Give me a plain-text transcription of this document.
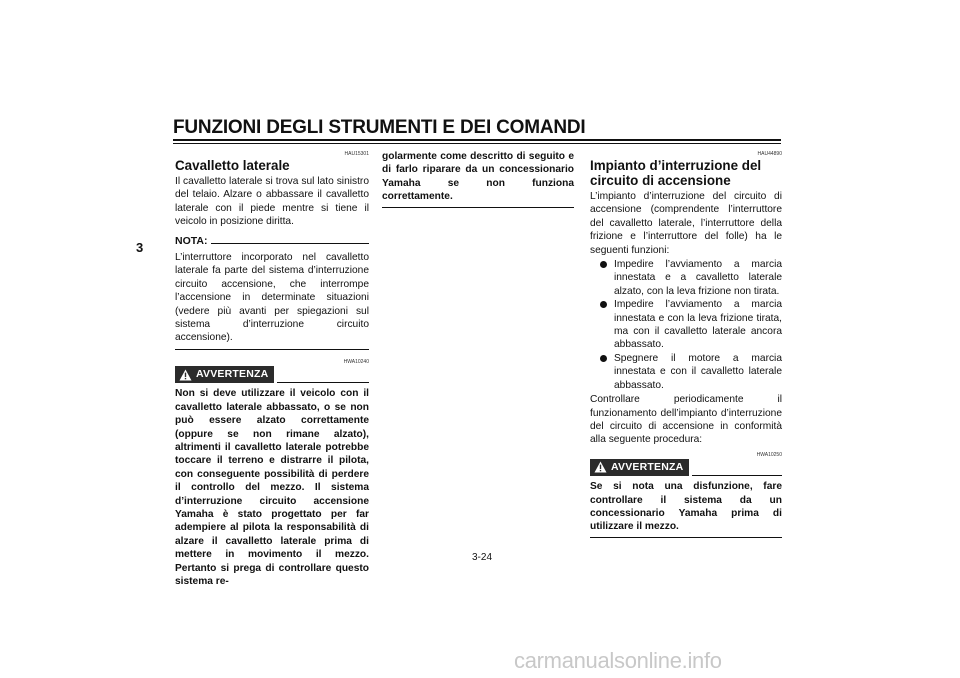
FUNZIONI DEGLI STRUMENTI E DEI COMANDI
3
HAU15301
Cavalletto laterale

Il cavalletto laterale si trova sul lato sinistro del telaio. Alzare o abbassare il cavalletto laterale con il piede mentre si tiene il veicolo in posizione diritta.

NOTA:

L’interruttore incorporato nel cavalletto laterale fa parte del sistema d’interruzione circuito accensione, che interrompe l’accensione in determinate situazioni (vedere più avanti per spiegazioni sul sistema d’interruzione circuito accensione).

HWA10240
AVVERTENZA

Non si deve utilizzare il veicolo con il cavalletto laterale abbassato, o se non può essere alzato correttamente (oppure se non rimane alzato), altrimenti il cavalletto laterale potrebbe toccare il terreno e distrarre il pilota, con conseguente possibilità di perdere il controllo del mezzo. Il sistema d’interruzione circuito accensione Yamaha è stato progettato per far adempiere al pilota la responsabilità di alzare il cavalletto laterale prima di mettere in movimento il mezzo. Pertanto si prega di controllare questo sistema re-

golarmente come descritto di seguito e di farlo riparare da un concessionario Yamaha se non funziona correttamente.

HAU44890
Impianto d’interruzione del circuito di accensione

L’impianto d’interruzione del circuito di accensione (comprendente l’interruttore del cavalletto laterale, l’interruttore della frizione e l’interruttore del folle) ha le seguenti funzioni:

Impedire l’avviamento a marcia innestata e a cavalletto laterale alzato, con la leva frizione non tirata.
Impedire l’avviamento a marcia innestata e con la leva frizione tirata, ma con il cavalletto laterale ancora abbassato.
Spegnere il motore a marcia innestata e con il cavalletto laterale abbassato.

Controllare periodicamente il funzionamento dell’impianto d’interruzione del circuito di accensione in conformità alla seguente procedura:

HWA10250
AVVERTENZA

Se si nota una disfunzione, fare controllare il sistema da un concessionario Yamaha prima di utilizzare il mezzo.

3-24
carmanualsonline.info
